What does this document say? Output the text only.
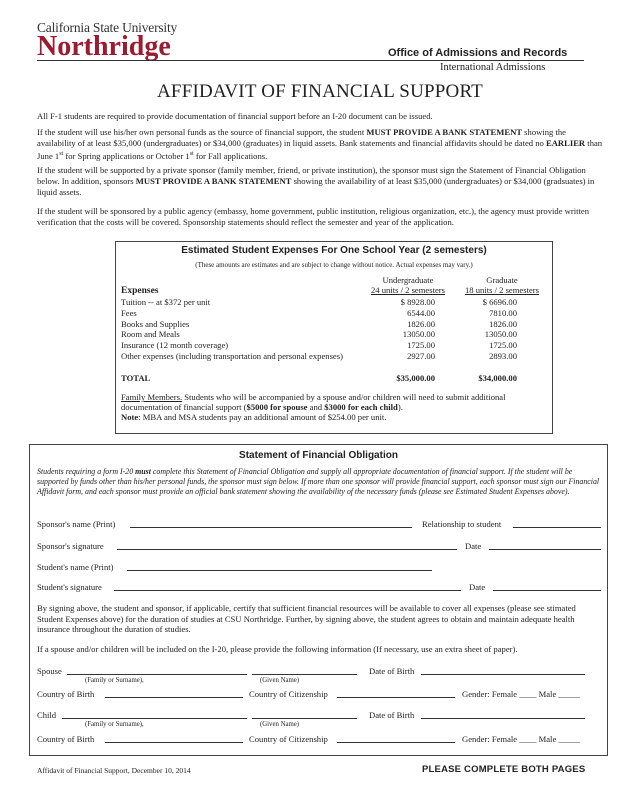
California State University
Northridge	Office of Admissions and Records
International Admissions
AFFIDAVIT OF FINANCIAL SUPPORT
All F-1 students are required to provide documentation of financial support before an I-20 document can be issued.
If the student will use his/her own personal funds as the source of financial support, the student MUST PROVIDE A BANK STATEMENT showing the availability of at least $35,000 (undergraduates) or $34,000 (graduates) in liquid assets. Bank statements and financial affidavits should be dated no EARLIER than June 1st for Spring applications or October 1st for Fall applications.
If the student will be supported by a private sponsor (family member, friend, or private institution), the sponsor must sign the Statement of Financial Obligation below. In addition, sponsors MUST PROVIDE A BANK STATEMENT showing the availability of at least $35,000 (undergraduates) or $34,000 (gradsuates) in liquid assets.
If the student will be sponsored by a public agency (embassy, home government, public institution, religious organization, etc.), the agency must provide written verification that the costs will be covered. Sponsorship statements should reflect the semester and year of the application.
Estimated Student Expenses For One School Year (2 semesters)
(These amounts are estimates and are subject to change without notice. Actual expenses may vary.)
Undergraduate
24 units / 2 semesters
Graduate
18 units / 2 semesters
Expenses
Tuition -- at $372 per unit	$ 8928.00	$ 6696.00
Fees	6544.00	7810.00
Books and Supplies	1826.00	1826.00
Room and Meals	13050.00	13050.00
Insurance (12 month coverage)	1725.00	1725.00
Other expenses (including transportation and personal expenses)	2927.00	2893.00
TOTAL	$35,000.00	$34,000.00
Family Members. Students who will be accompanied by a spouse and/or children will need to submit additional documentation of financial support ($5000 for spouse and $3000 for each child).
Note: MBA and MSA students pay an additional amount of $254.00 per unit.
Statement of Financial Obligation
Students requiring a form I-20 must complete this Statement of Financial Obligation and supply all appropriate documentation of financial support. If the student will be supported by funds other than his/her personal funds, the sponsor must sign below. If more than one sponsor will provide financial support, each sponsor must sign our Financial Affidavit form, and each sponsor must provide an official bank statement showing the availability of the necessary funds (please see Estimated Student Expenses above).
Sponsor's name (Print)	Relationship to student
Sponsor's signature	Date
Student's name (Print)
Student's signature	Date
By signing above, the student and sponsor, if applicable, certify that sufficient financial resources will be available to cover all expenses (please see stimated Student Expenses above) for the duration of studies at CSU Northridge. Further, by signing above, the student agrees to obtain and maintain adequate health insurance throughout the duration of studies.
If a spouse and/or children will be included on the I-20, please provide the following information (If necessary, use an extra sheet of paper).
Spouse	Date of Birth
(Family or Surname),	(Given Name)
Country of Birth	Country of Citizenship	Gender: Female ____ Male _____
Child	Date of Birth
(Family or Surname),	(Given Name)
Country of Birth	Country of Citizenship	Gender: Female ____ Male _____
Affidavit of Financial Support, December 10, 2014	PLEASE COMPLETE BOTH PAGES
